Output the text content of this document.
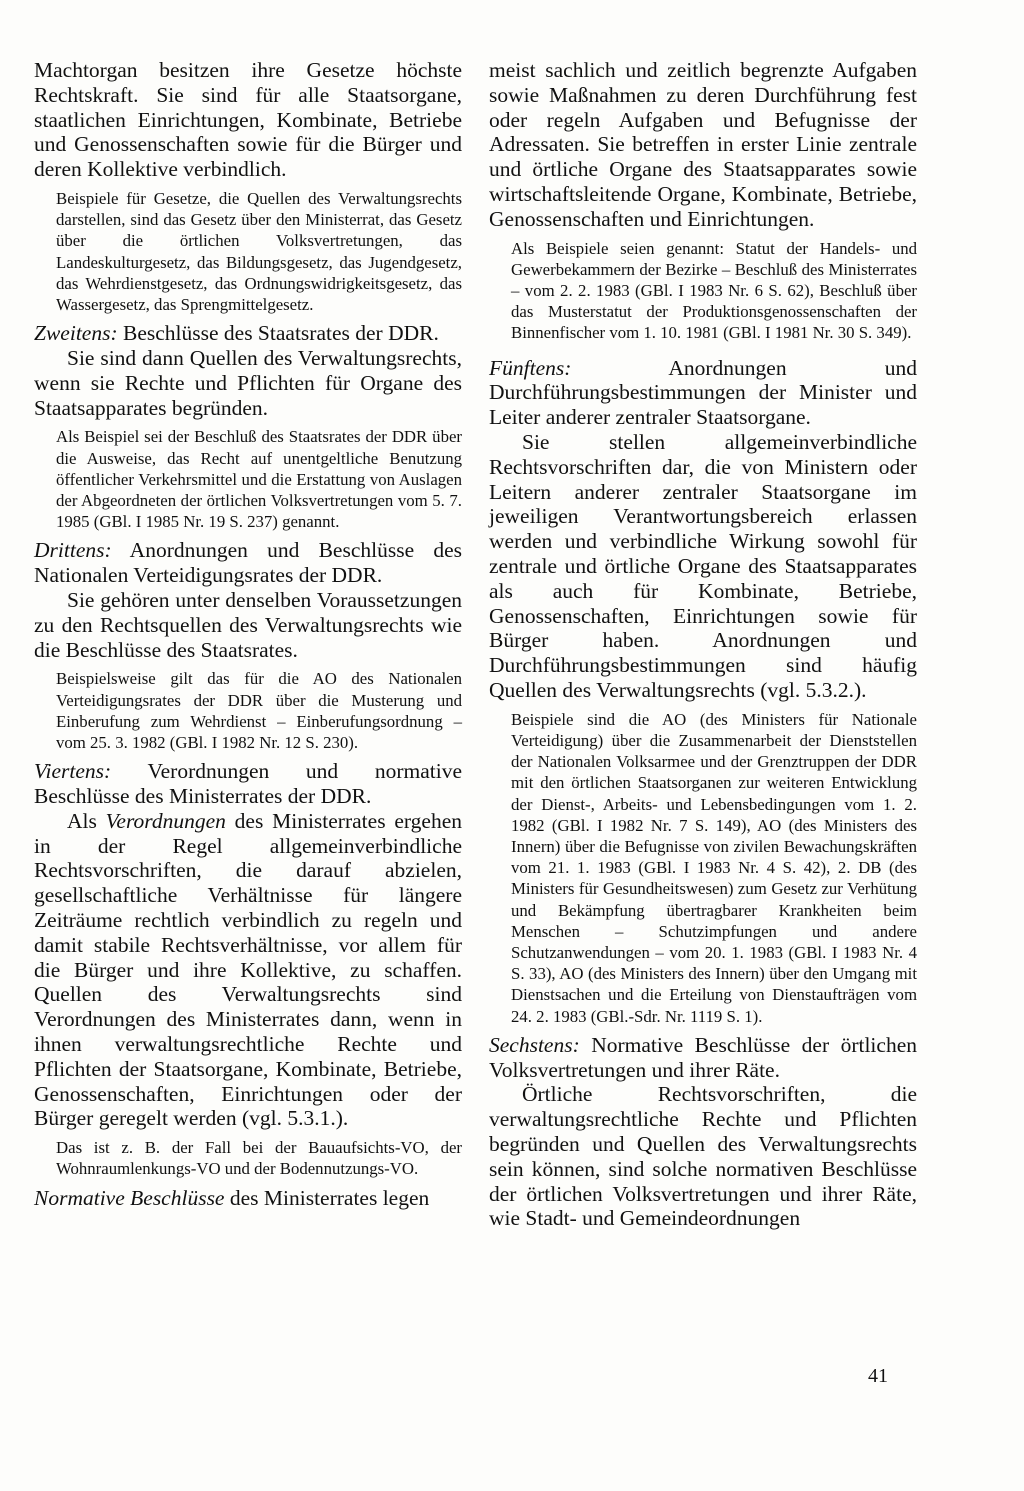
Machtorgan besitzen ihre Gesetze höchste Rechtskraft. Sie sind für alle Staatsorgane, staatlichen Einrichtungen, Kombinate, Betriebe und Genossenschaften sowie für die Bürger und deren Kollektive verbindlich.

Beispiele für Gesetze, die Quellen des Verwaltungsrechts darstellen, sind das Gesetz über den Ministerrat, das Gesetz über die örtlichen Volksvertretungen, das Landeskulturgesetz, das Bildungsgesetz, das Jugendgesetz, das Wehrdienstgesetz, das Ordnungswidrigkeitsgesetz, das Wassergesetz, das Sprengmittelgesetz.

Zweitens: Beschlüsse des Staatsrates der DDR.

Sie sind dann Quellen des Verwaltungsrechts, wenn sie Rechte und Pflichten für Organe des Staatsapparates begründen.

Als Beispiel sei der Beschluß des Staatsrates der DDR über die Ausweise, das Recht auf unentgeltliche Benutzung öffentlicher Verkehrsmittel und die Erstattung von Auslagen der Abgeordneten der örtlichen Volksvertretungen vom 5. 7. 1985 (GBl. I 1985 Nr. 19 S. 237) genannt.

Drittens: Anordnungen und Beschlüsse des Nationalen Verteidigungsrates der DDR.

Sie gehören unter denselben Voraussetzungen zu den Rechtsquellen des Verwaltungsrechts wie die Beschlüsse des Staatsrates.

Beispielsweise gilt das für die AO des Nationalen Verteidigungsrates der DDR über die Musterung und Einberufung zum Wehrdienst – Einberufungsordnung – vom 25. 3. 1982 (GBl. I 1982 Nr. 12 S. 230).

Viertens: Verordnungen und normative Beschlüsse des Ministerrates der DDR.

Als Verordnungen des Ministerrates ergehen in der Regel allgemeinverbindliche Rechtsvorschriften, die darauf abzielen, gesellschaftliche Verhältnisse für längere Zeiträume rechtlich verbindlich zu regeln und damit stabile Rechtsverhältnisse, vor allem für die Bürger und ihre Kollektive, zu schaffen. Quellen des Verwaltungsrechts sind Verordnungen des Ministerrates dann, wenn in ihnen verwaltungsrechtliche Rechte und Pflichten der Staatsorgane, Kombinate, Betriebe, Genossenschaften, Einrichtungen oder der Bürger geregelt werden (vgl. 5.3.1.).

Das ist z. B. der Fall bei der Bauaufsichts-VO, der Wohnraumlenkungs-VO und der Bodennutzungs-VO.

Normative Beschlüsse des Ministerrates legen

meist sachlich und zeitlich begrenzte Aufgaben sowie Maßnahmen zu deren Durchführung fest oder regeln Aufgaben und Befugnisse der Adressaten. Sie betreffen in erster Linie zentrale und örtliche Organe des Staatsapparates sowie wirtschaftsleitende Organe, Kombinate, Betriebe, Genossenschaften und Einrichtungen.

Als Beispiele seien genannt: Statut der Handels- und Gewerbekammern der Bezirke – Beschluß des Ministerrates – vom 2. 2. 1983 (GBl. I 1983 Nr. 6 S. 62), Beschluß über das Musterstatut der Produktionsgenossenschaften der Binnenfischer vom 1. 10. 1981 (GBl. I 1981 Nr. 30 S. 349).

Fünftens: Anordnungen und Durchführungsbestimmungen der Minister und Leiter anderer zentraler Staatsorgane.

Sie stellen allgemeinverbindliche Rechtsvorschriften dar, die von Ministern oder Leitern anderer zentraler Staatsorgane im jeweiligen Verantwortungsbereich erlassen werden und verbindliche Wirkung sowohl für zentrale und örtliche Organe des Staatsapparates als auch für Kombinate, Betriebe, Genossenschaften, Einrichtungen sowie für Bürger haben. Anordnungen und Durchführungsbestimmungen sind häufig Quellen des Verwaltungsrechts (vgl. 5.3.2.).

Beispiele sind die AO (des Ministers für Nationale Verteidigung) über die Zusammenarbeit der Dienststellen der Nationalen Volksarmee und der Grenztruppen der DDR mit den örtlichen Staatsorganen zur weiteren Entwicklung der Dienst-, Arbeits- und Lebensbedingungen vom 1. 2. 1982 (GBl. I 1982 Nr. 7 S. 149), AO (des Ministers des Innern) über die Befugnisse von zivilen Bewachungskräften vom 21. 1. 1983 (GBl. I 1983 Nr. 4 S. 42), 2. DB (des Ministers für Gesundheitswesen) zum Gesetz zur Verhütung und Bekämpfung übertragbarer Krankheiten beim Menschen – Schutzimpfungen und andere Schutzanwendungen – vom 20. 1. 1983 (GBl. I 1983 Nr. 4 S. 33), AO (des Ministers des Innern) über den Umgang mit Dienstsachen und die Erteilung von Dienstaufträgen vom 24. 2. 1983 (GBl.-Sdr. Nr. 1119 S. 1).

Sechstens: Normative Beschlüsse der örtlichen Volksvertretungen und ihrer Räte.

Örtliche Rechtsvorschriften, die verwaltungsrechtliche Rechte und Pflichten begründen und Quellen des Verwaltungsrechts sein können, sind solche normativen Beschlüsse der örtlichen Volksvertretungen und ihrer Räte, wie Stadt- und Gemeindeordnungen

41
